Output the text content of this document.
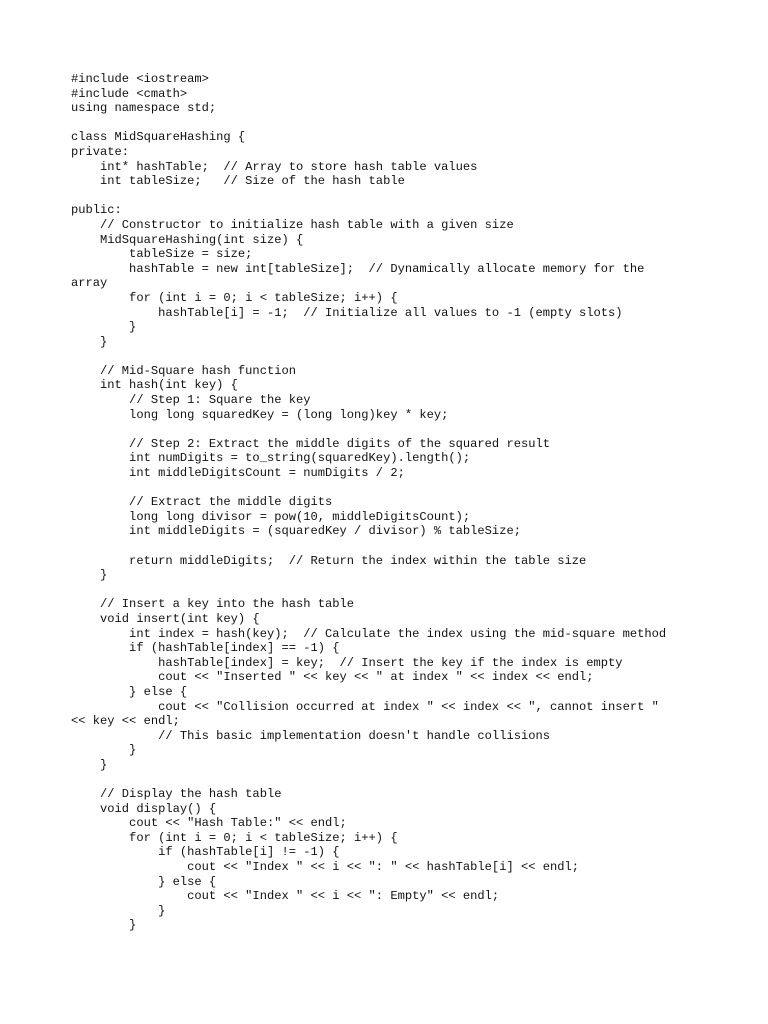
#include <iostream>
#include <cmath>
using namespace std;
class MidSquareHashing {
private:
int* hashTable;  // Array to store hash table values
int tableSize;   // Size of the hash table
public:
// Constructor to initialize hash table with a given size
MidSquareHashing(int size) {
tableSize = size;
hashTable = new int[tableSize];  // Dynamically allocate memory for the
array
for (int i = 0; i < tableSize; i++) {
hashTable[i] = -1;  // Initialize all values to -1 (empty slots)
}
}
// Mid-Square hash function
int hash(int key) {
// Step 1: Square the key
long long squaredKey = (long long)key * key;
// Step 2: Extract the middle digits of the squared result
int numDigits = to_string(squaredKey).length();
int middleDigitsCount = numDigits / 2;
// Extract the middle digits
long long divisor = pow(10, middleDigitsCount);
int middleDigits = (squaredKey / divisor) % tableSize;
return middleDigits;  // Return the index within the table size
}
// Insert a key into the hash table
void insert(int key) {
int index = hash(key);  // Calculate the index using the mid-square method
if (hashTable[index] == -1) {
hashTable[index] = key;  // Insert the key if the index is empty
cout << "Inserted " << key << " at index " << index << endl;
} else {
cout << "Collision occurred at index " << index << ", cannot insert "
<< key << endl;
// This basic implementation doesn't handle collisions
}
}
// Display the hash table
void display() {
cout << "Hash Table:" << endl;
for (int i = 0; i < tableSize; i++) {
if (hashTable[i] != -1) {
cout << "Index " << i << ": " << hashTable[i] << endl;
} else {
cout << "Index " << i << ": Empty" << endl;
}
}
